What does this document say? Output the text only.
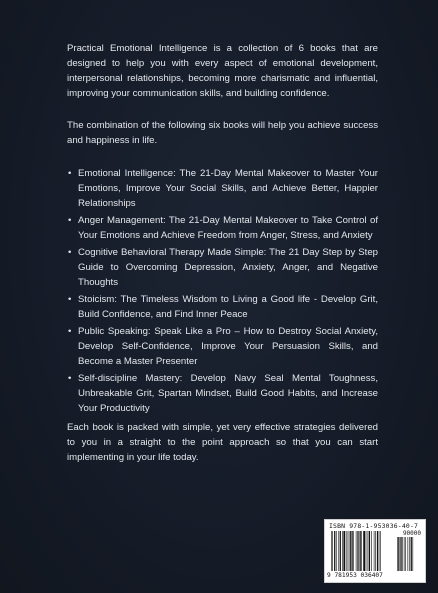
Practical Emotional Intelligence is a collection of 6 books that are designed to help you with every aspect of emotional development, interpersonal relationships, becoming more charismatic and influential, improving your communication skills, and building confidence.

The combination of the following six books will help you achieve success and happiness in life.

• Emotional Intelligence: The 21-Day Mental Makeover to Master Your Emotions, Improve Your Social Skills, and Achieve Better, Happier Relationships
• Anger Management: The 21-Day Mental Makeover to Take Control of Your Emotions and Achieve Freedom from Anger, Stress, and Anxiety
• Cognitive Behavioral Therapy Made Simple: The 21 Day Step by Step Guide to Overcoming Depression, Anxiety, Anger, and Negative Thoughts
• Stoicism: The Timeless Wisdom to Living a Good life - Develop Grit, Build Confidence, and Find Inner Peace
• Public Speaking: Speak Like a Pro – How to Destroy Social Anxiety, Develop Self-Confidence, Improve Your Persuasion Skills, and Become a Master Presenter
• Self-discipline Mastery: Develop Navy Seal Mental Toughness, Unbreakable Grit, Spartan Mindset, Build Good Habits, and Increase Your Productivity

Each book is packed with simple, yet very effective strategies delivered to you in a straight to the point approach so that you can start implementing in your life today.

ISBN 978-1-953036-40-7
90000
9 781953 036407
